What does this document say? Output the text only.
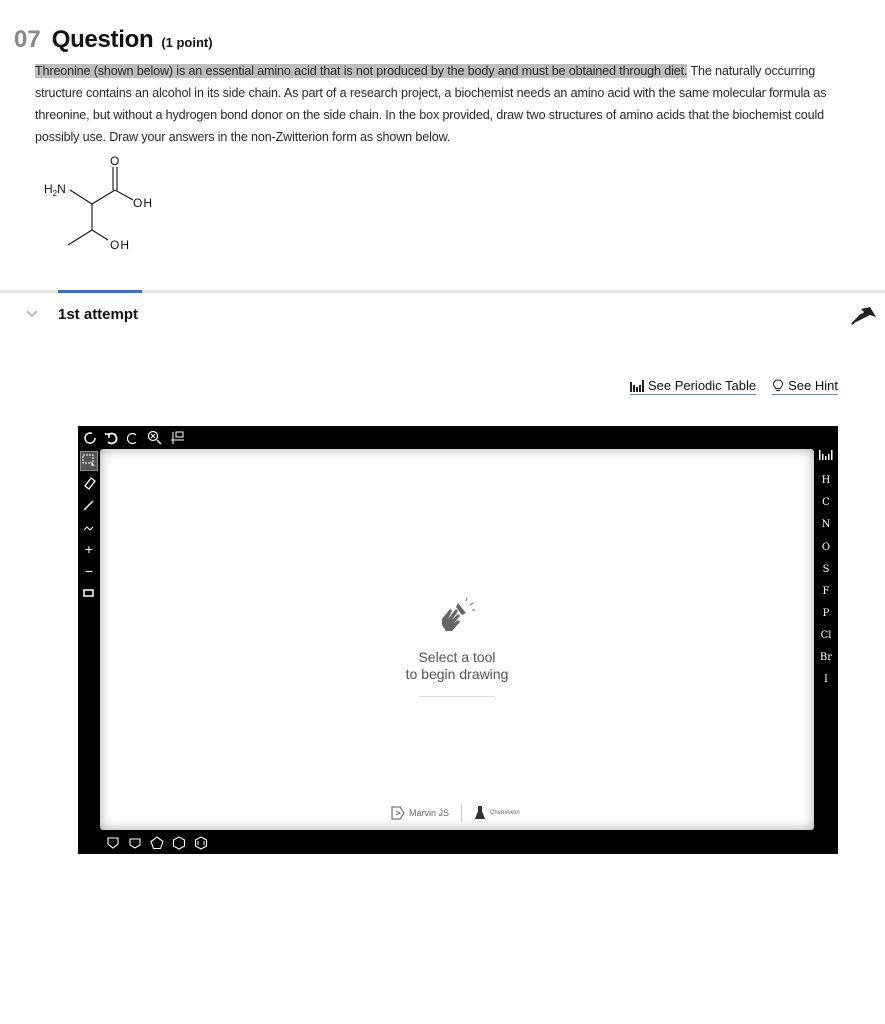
07 Question (1 point)
Threonine (shown below) is an essential amino acid that is not produced by the body and must be obtained through diet. The naturally occurring structure contains an alcohol in its side chain. As part of a research project, a biochemist needs an amino acid with the same molecular formula as threonine, but without a hydrogen bond donor on the side chain. In the box provided, draw two structures of amino acids that the biochemist could possibly use. Draw your answers in the non-Zwitterion form as shown below.
O
$H_2N$
OH
OH
1st attempt
See Periodic Table See Hint
+
−
Select a tool
to begin drawing
Marvin JS	ChemAxon
H
C
N
O
S
F
P
Cl
Br
I
